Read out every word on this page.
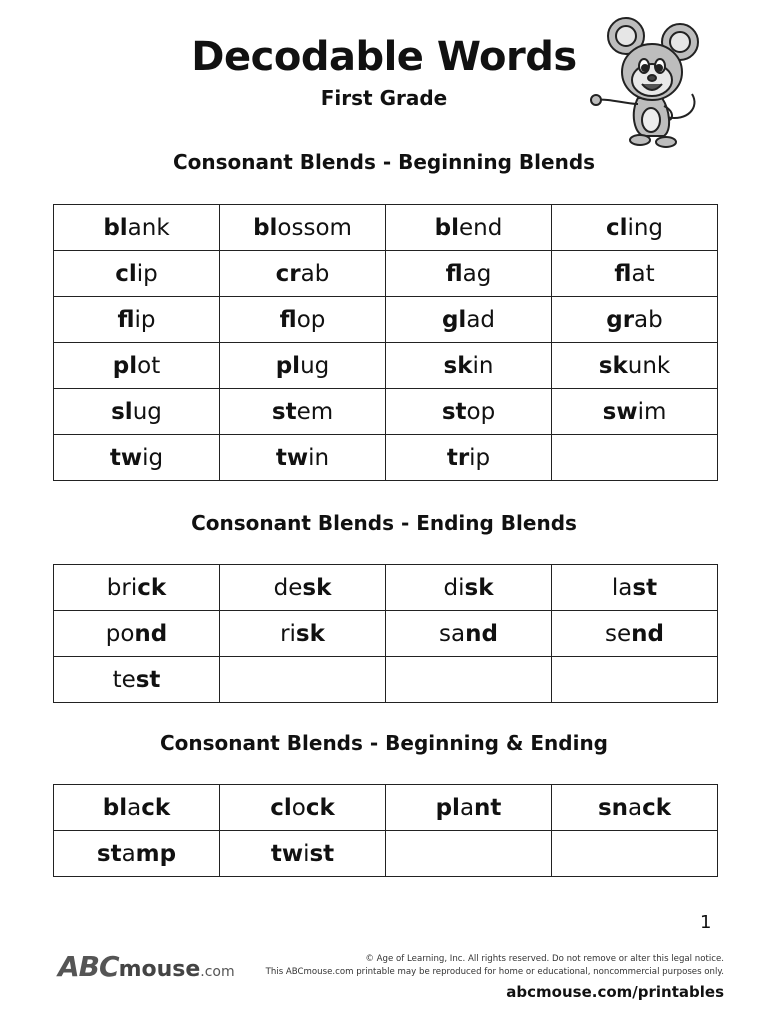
Decodable Words
First Grade
Consonant Blends - Beginning Blends
blank	blossom	blend	cling
clip	crab	flag	flat
flip	flop	glad	grab
plot	plug	skin	skunk
slug	stem	stop	swim
twig	twin	trip	
Consonant Blends - Ending Blends
brick	desk	disk	last
pond	risk	sand	send
test			
Consonant Blends - Beginning & Ending
black	clock	plant	snack
stamp	twist		
1
ABCmouse.com
© Age of Learning, Inc. All rights reserved. Do not remove or alter this legal notice.
This ABCmouse.com printable may be reproduced for home or educational, noncommercial purposes only.
abcmouse.com/printables
